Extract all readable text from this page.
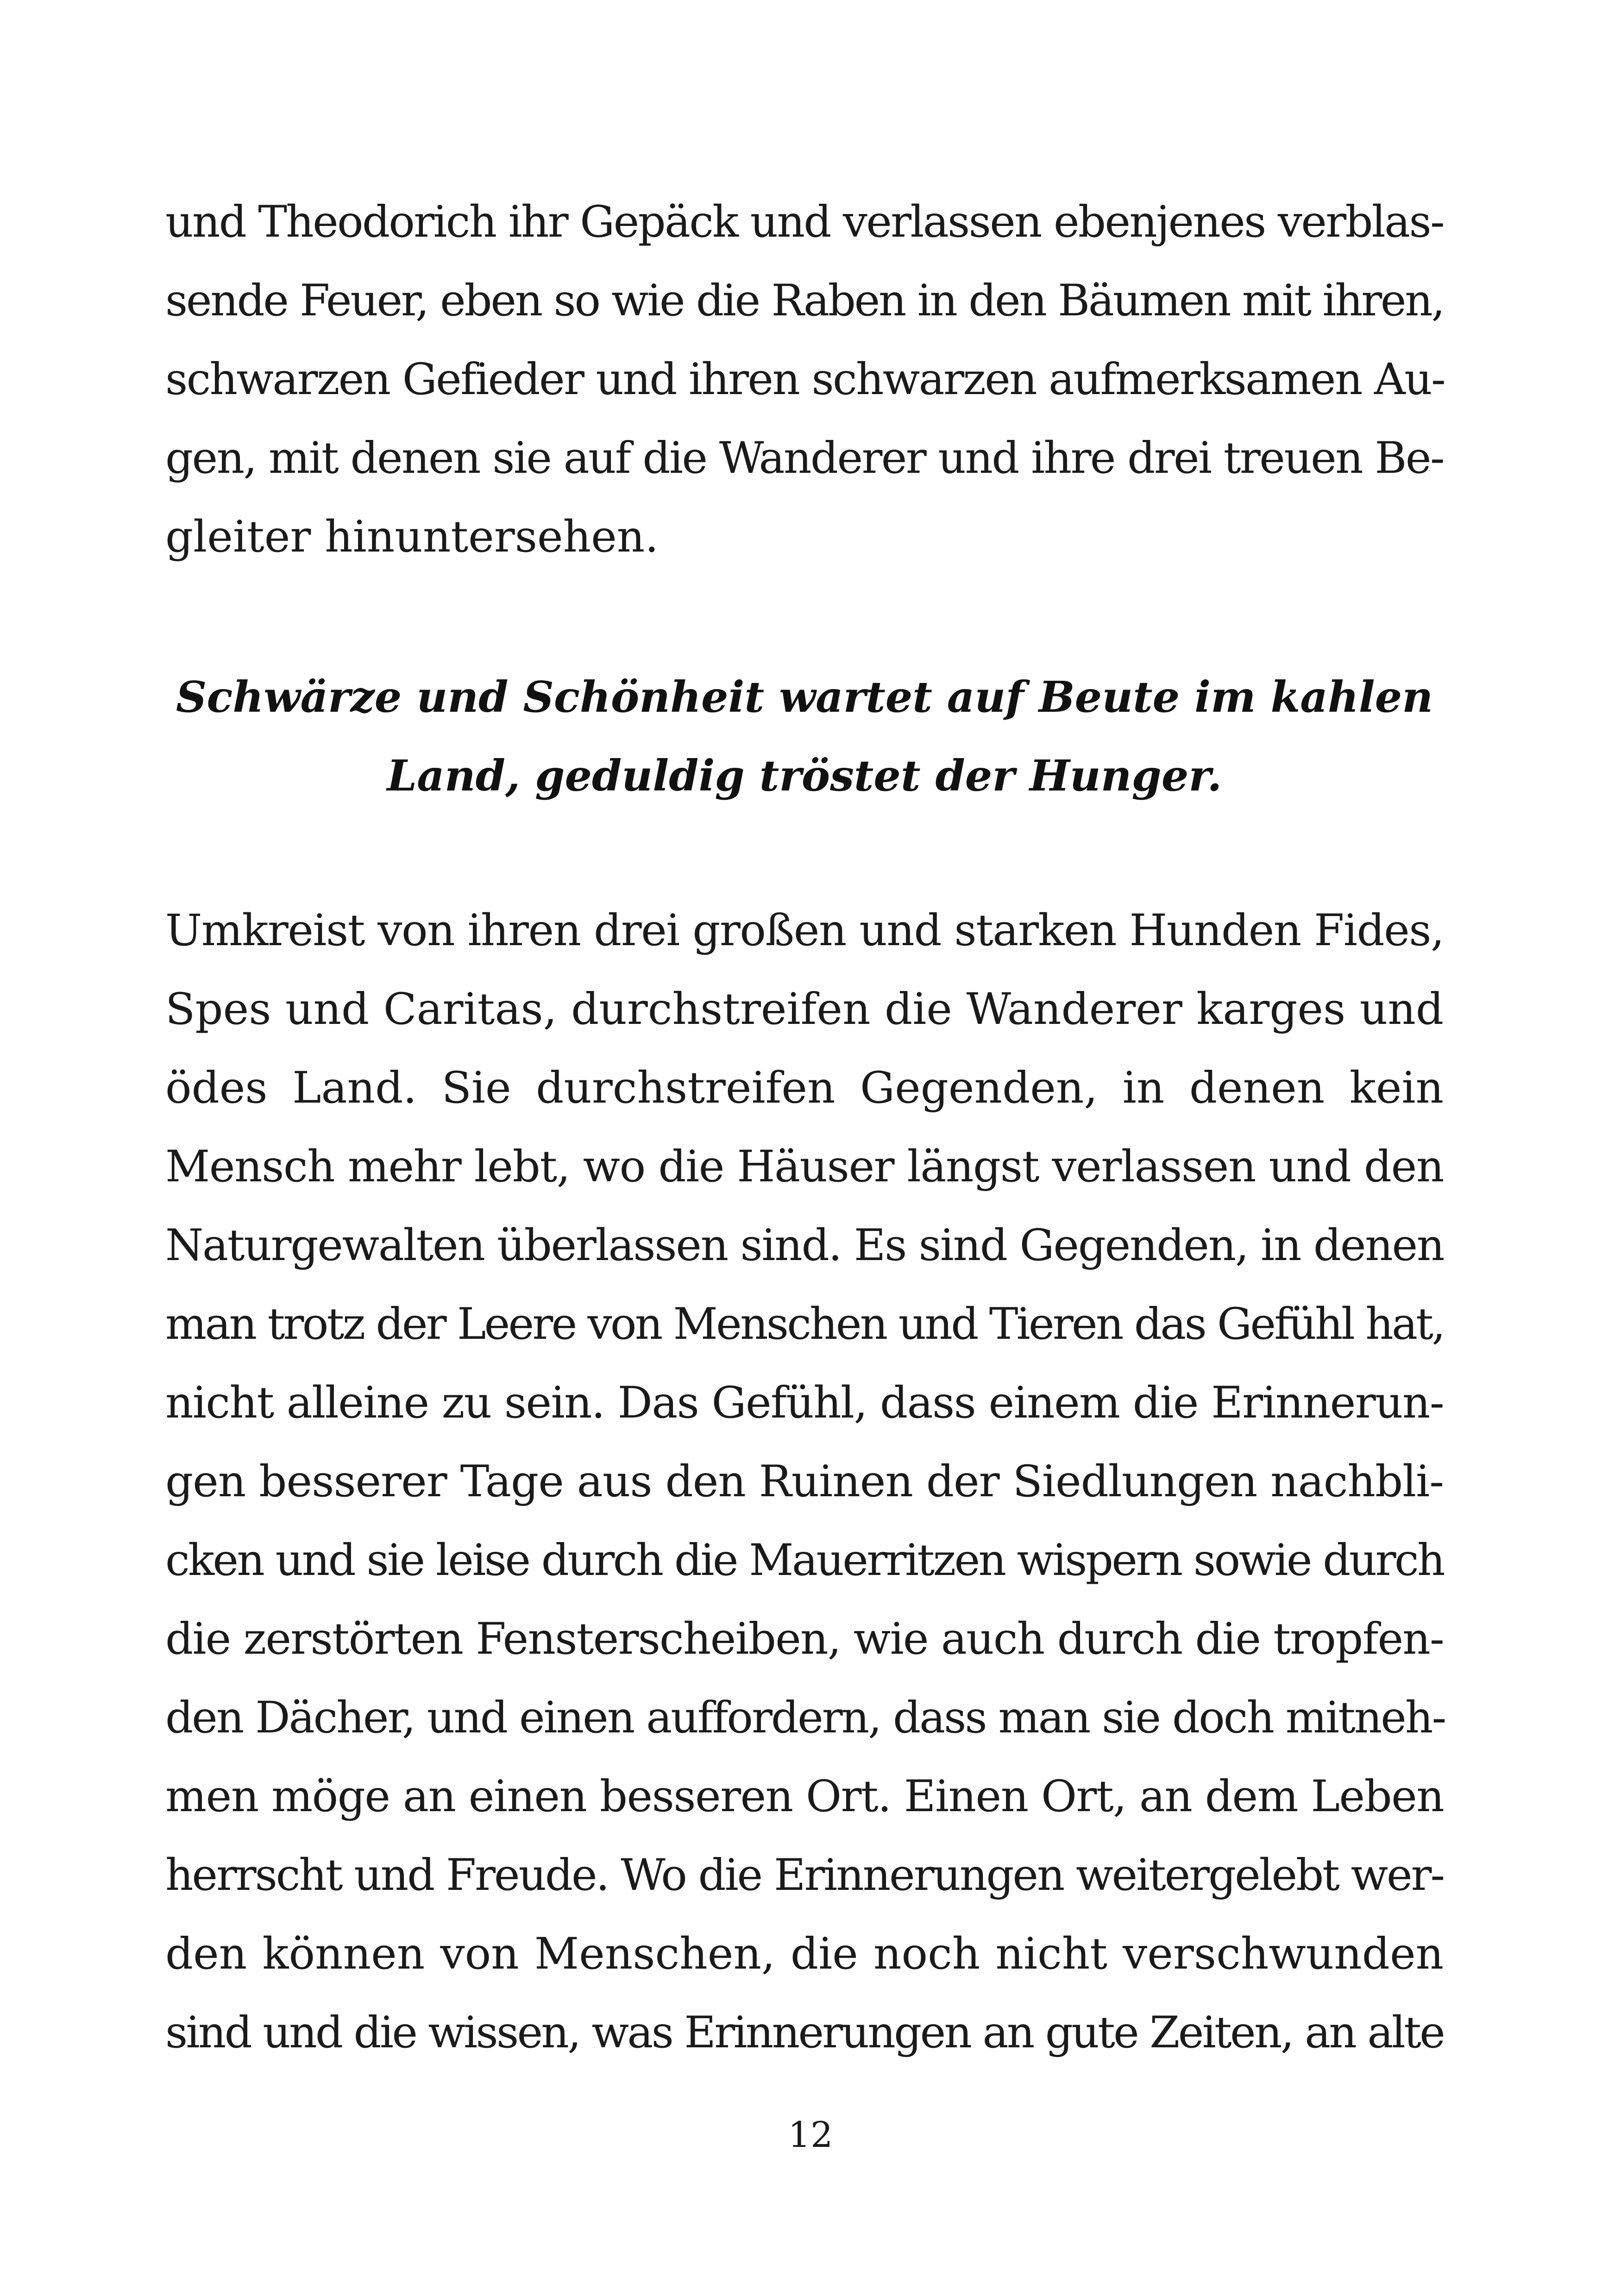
und Theodorich ihr Gepäck und verlassen ebenjenes verblas-
sende Feuer, eben so wie die Raben in den Bäumen mit ihren,
schwarzen Gefieder und ihren schwarzen aufmerksamen Au-
gen, mit denen sie auf die Wanderer und ihre drei treuen Be-
gleiter hinuntersehen.
Schwärze und Schönheit wartet auf Beute im kahlen
Land, geduldig tröstet der Hunger.
Umkreist von ihren drei großen und starken Hunden Fides,
Spes und Caritas, durchstreifen die Wanderer karges und
ödes Land. Sie durchstreifen Gegenden, in denen kein
Mensch mehr lebt, wo die Häuser längst verlassen und den
Naturgewalten überlassen sind. Es sind Gegenden, in denen
man trotz der Leere von Menschen und Tieren das Gefühl hat,
nicht alleine zu sein. Das Gefühl, dass einem die Erinnerun-
gen besserer Tage aus den Ruinen der Siedlungen nachbli-
cken und sie leise durch die Mauerritzen wispern sowie durch
die zerstörten Fensterscheiben, wie auch durch die tropfen-
den Dächer, und einen auffordern, dass man sie doch mitneh-
men möge an einen besseren Ort. Einen Ort, an dem Leben
herrscht und Freude. Wo die Erinnerungen weitergelebt wer-
den können von Menschen, die noch nicht verschwunden
sind und die wissen, was Erinnerungen an gute Zeiten, an alte
12
